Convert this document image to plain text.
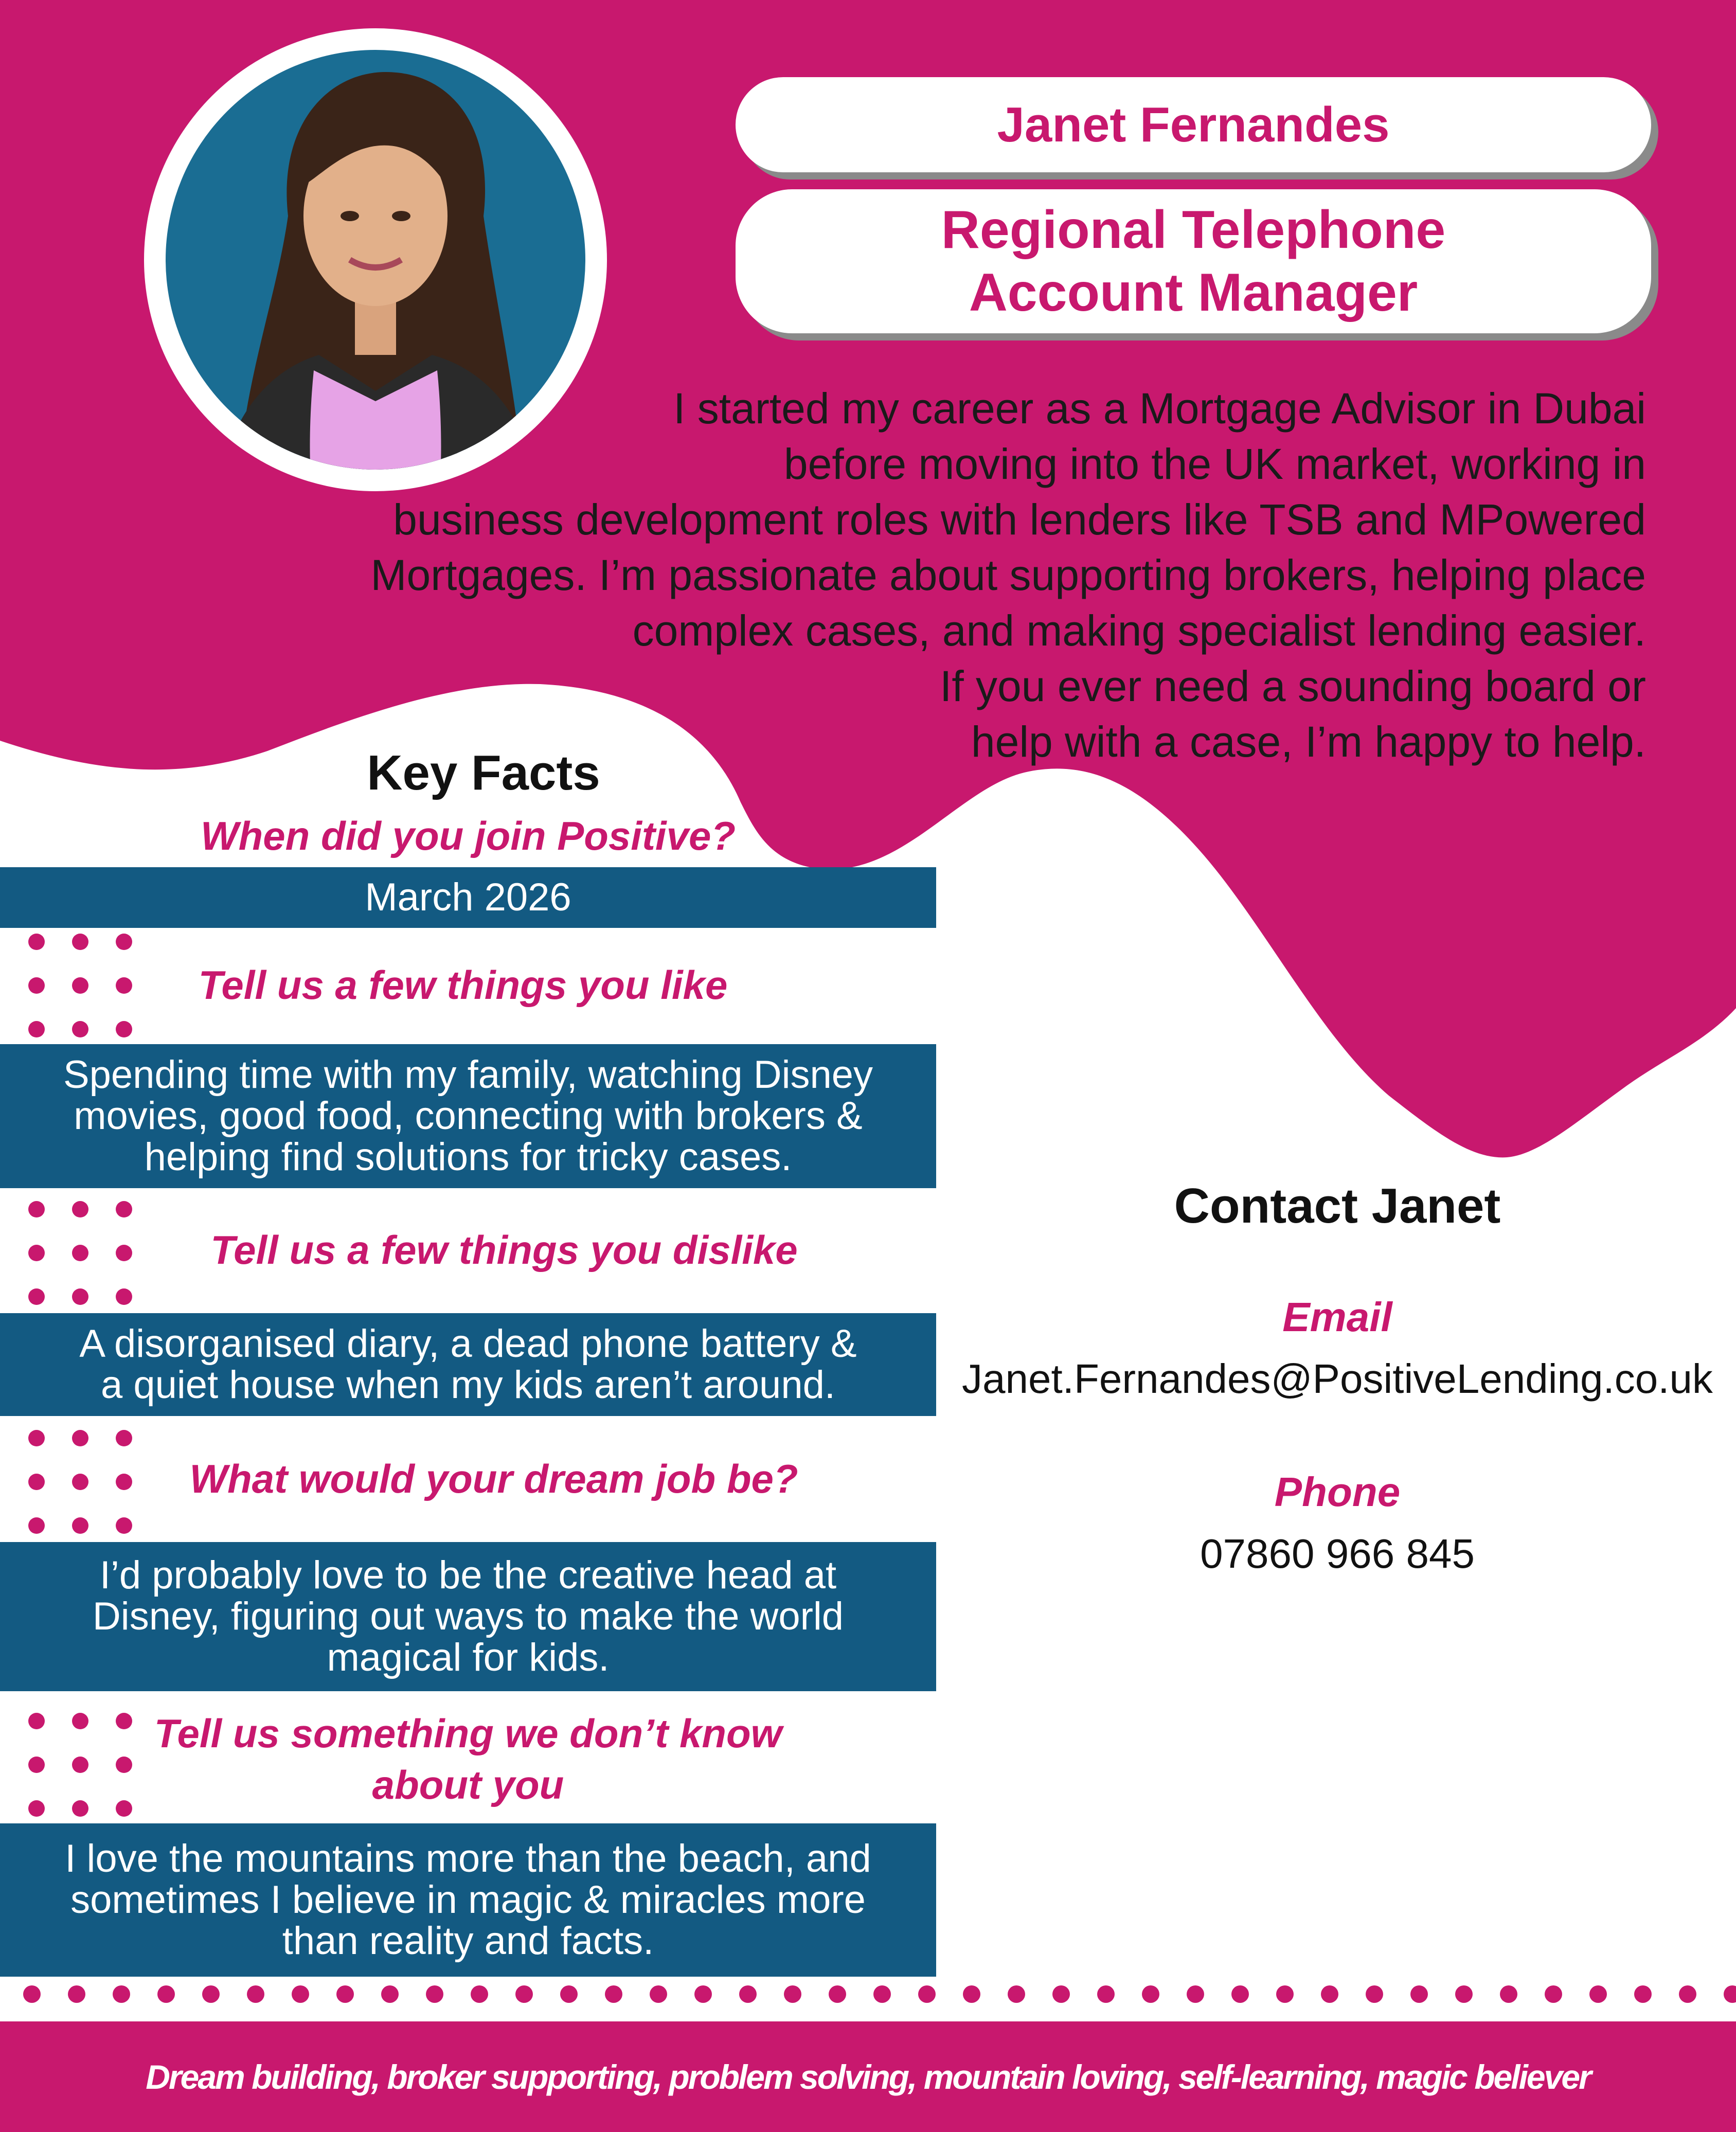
Janet Fernandes
Regional Telephone
Account Manager
I started my career as a Mortgage Advisor in Dubai
before moving into the UK market, working in
business development roles with lenders like TSB and MPowered
Mortgages. I’m passionate about supporting brokers, helping place
complex cases, and making specialist lending easier.
If you ever need a sounding board or
help with a case, I’m happy to help.
Key Facts
When did you join Positive?
March 2026
Tell us a few things you like
Spending time with my family, watching Disney
movies, good food, connecting with brokers &
helping find solutions for tricky cases.
Tell us a few things you dislike
A disorganised diary, a dead phone battery &
a quiet house when my kids aren’t around.
What would your dream job be?
I’d probably love to be the creative head at
Disney, figuring out ways to make the world
magical for kids.
Tell us something we don’t know
about you
I love the mountains more than the beach, and
sometimes I believe in magic & miracles more
than reality and facts.
Contact Janet
Email
Janet.Fernandes@PositiveLending.co.uk
Phone
07860 966 845
Dream building, broker supporting, problem solving, mountain loving, self-learning, magic believer
